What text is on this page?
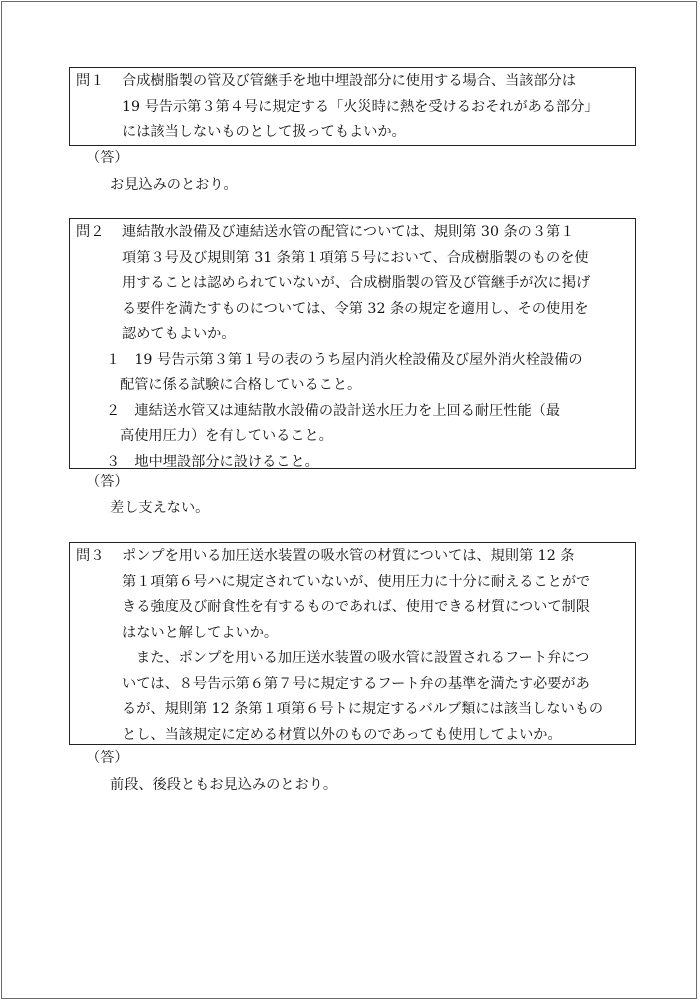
問１ 合成樹脂製の管及び管継手を地中埋設部分に使用する場合、当該部分は
19 号告示第３第４号に規定する「火災時に熱を受けるおそれがある部分」
には該当しないものとして扱ってもよいか。
（答）
お見込みのとおり。
問２ 連結散水設備及び連結送水管の配管については、規則第 30 条の３第１
項第３号及び規則第 31 条第１項第５号において、合成樹脂製のものを使
用することは認められていないが、合成樹脂製の管及び管継手が次に掲げ
る要件を満たすものについては、令第 32 条の規定を適用し、その使用を
認めてもよいか。
１　19 号告示第３第１号の表のうち屋内消火栓設備及び屋外消火栓設備の
配管に係る試験に合格していること。
２　連結送水管又は連結散水設備の設計送水圧力を上回る耐圧性能（最
高使用圧力）を有していること。
３　地中埋設部分に設けること。
（答）
差し支えない。
問３ ポンプを用いる加圧送水装置の吸水管の材質については、規則第 12 条
第１項第６号ハに規定されていないが、使用圧力に十分に耐えることがで
きる強度及び耐食性を有するものであれば、使用できる材質について制限
はないと解してよいか。
また、ポンプを用いる加圧送水装置の吸水管に設置されるフート弁につ
いては、８号告示第６第７号に規定するフート弁の基準を満たす必要があ
るが、規則第 12 条第１項第６号トに規定するバルブ類には該当しないもの
とし、当該規定に定める材質以外のものであっても使用してよいか。
（答）
前段、後段ともお見込みのとおり。
